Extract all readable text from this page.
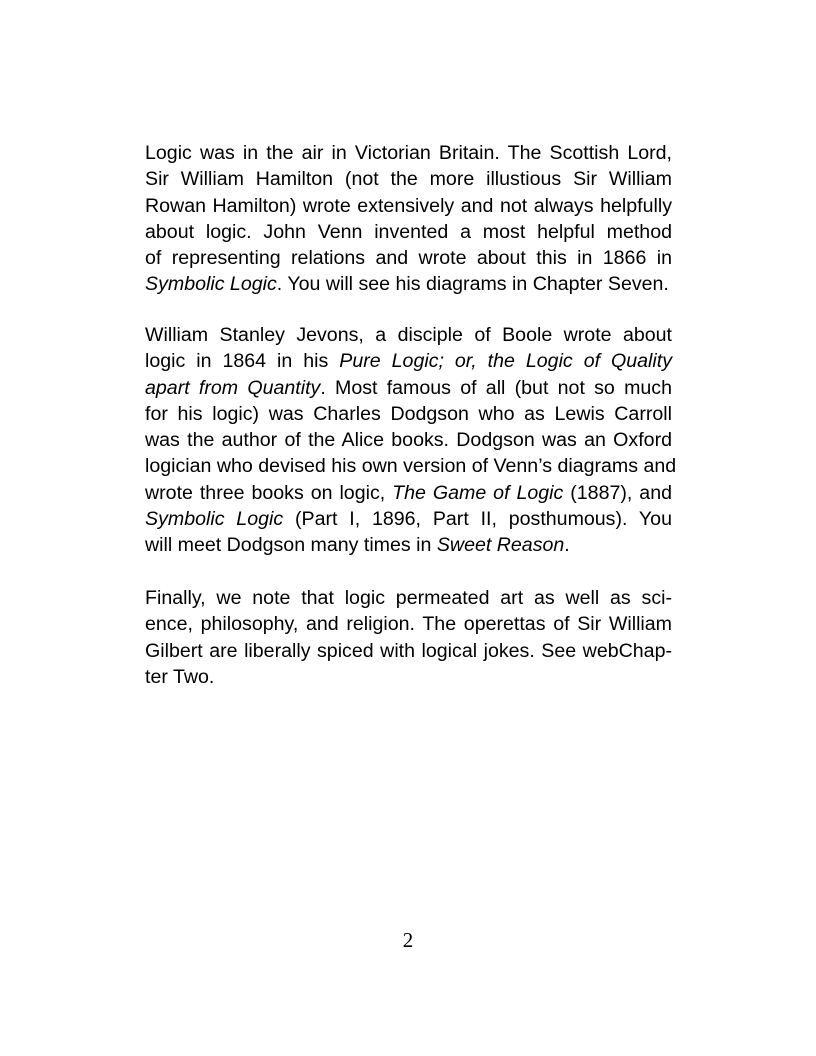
Logic was in the air in Victorian Britain. The Scottish Lord,
Sir William Hamilton (not the more illustious Sir William
Rowan Hamilton) wrote extensively and not always helpfully
about logic. John Venn invented a most helpful method
of representing relations and wrote about this in 1866 in
Symbolic Logic. You will see his diagrams in Chapter Seven.
William Stanley Jevons, a disciple of Boole wrote about
logic in 1864 in his Pure Logic; or, the Logic of Quality
apart from Quantity. Most famous of all (but not so much
for his logic) was Charles Dodgson who as Lewis Carroll
was the author of the Alice books. Dodgson was an Oxford
logician who devised his own version of Venn’s diagrams and
wrote three books on logic, The Game of Logic (1887), and
Symbolic Logic (Part I, 1896, Part II, posthumous). You
will meet Dodgson many times in Sweet Reason.
Finally, we note that logic permeated art as well as sci-
ence, philosophy, and religion. The operettas of Sir William
Gilbert are liberally spiced with logical jokes. See webChap-
ter Two.
2
